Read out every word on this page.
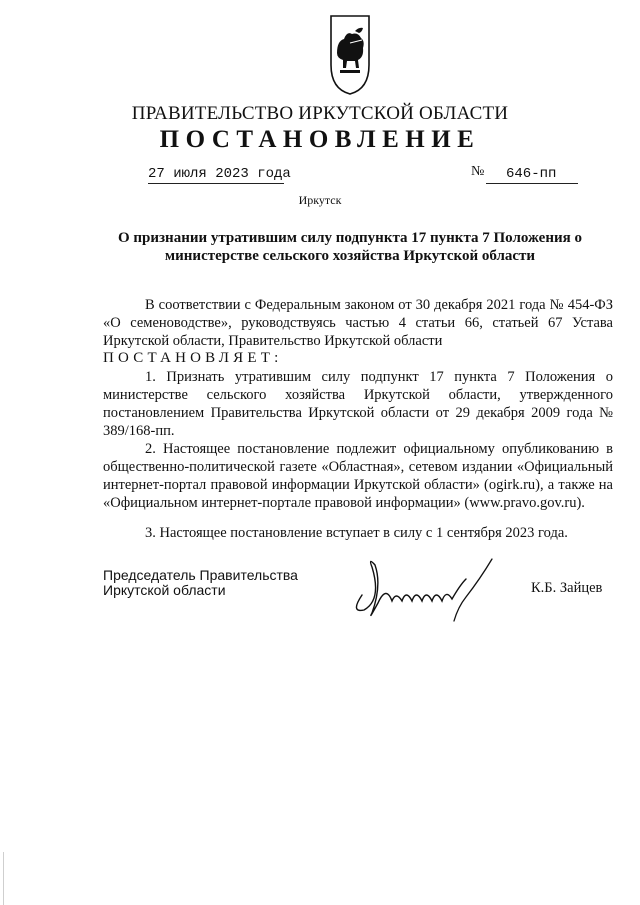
ПРАВИТЕЛЬСТВО ИРКУТСКОЙ ОБЛАСТИ
ПОСТАНОВЛЕНИЕ
27 июля 2023 года	№ 646-пп
Иркутск
О признании утратившим силу подпункта 17 пункта 7 Положения о министерстве сельского хозяйства Иркутской области
В соответствии с Федеральным законом от 30 декабря 2021 года № 454-ФЗ «О семеноводстве», руководствуясь частью 4 статьи 66, статьей 67 Устава Иркутской области, Правительство Иркутской области
ПОСТАНОВЛЯЕТ:
1. Признать утратившим силу подпункт 17 пункта 7 Положения о министерстве сельского хозяйства Иркутской области, утвержденного постановлением Правительства Иркутской области от 29 декабря 2009 года № 389/168-пп.
2. Настоящее постановление подлежит официальному опубликованию в общественно-политической газете «Областная», сетевом издании «Официальный интернет-портал правовой информации Иркутской области» (ogirk.ru), а также на «Официальном интернет-портале правовой информации» (www.pravo.gov.ru).
3. Настоящее постановление вступает в силу с 1 сентября 2023 года.
Председатель Правительства
Иркутской области	К.Б. Зайцев
